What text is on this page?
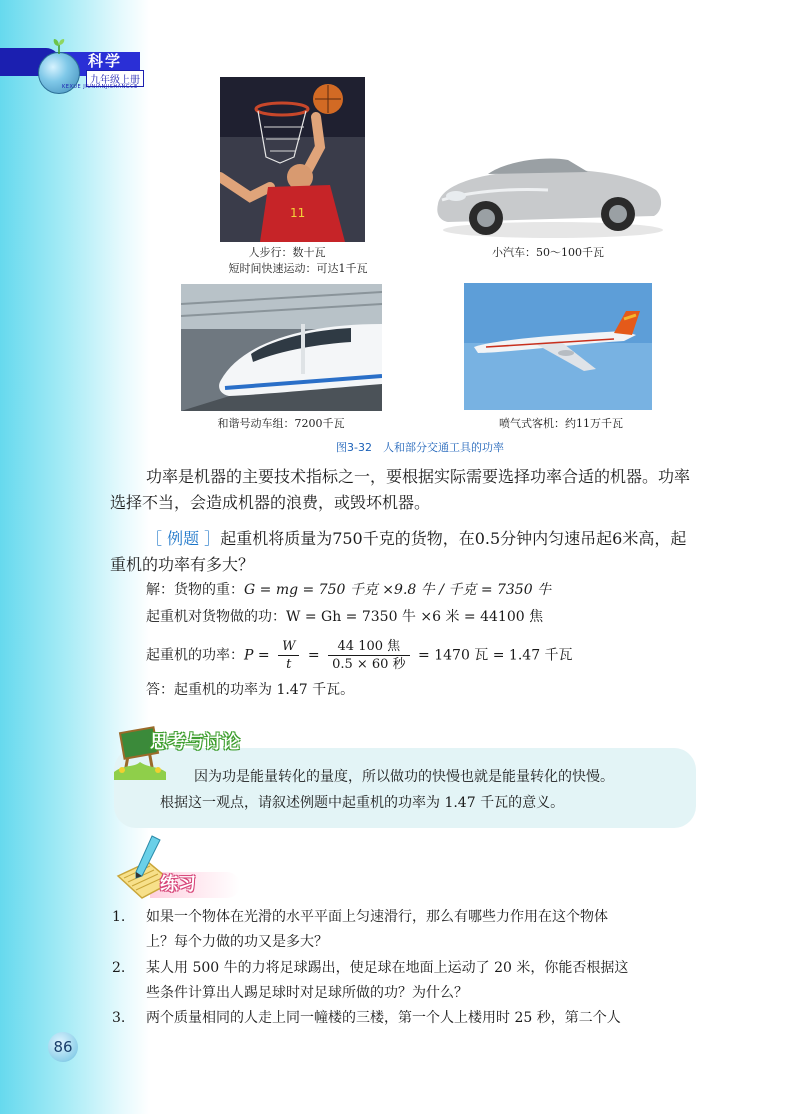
科学
九年级上册
KEXUE JIUNIANJISHANGCE
11
人步行：数十瓦
短时间快速运动：可达1千瓦
小汽车：50～100千瓦
和谐号动车组：7200千瓦	喷气式客机：约11万千瓦
图3-32　人和部分交通工具的功率
功率是机器的主要技术指标之一，要根据实际需要选择功率合适的机器。功率选择不当，会造成机器的浪费，或毁坏机器。
［ 例题 ］起重机将质量为750千克的货物，在0.5分钟内匀速吊起6米高，起重机的功率有多大？
解：货物的重：G = mg = 750 千克 ×9.8 牛 / 千克 = 7350 牛
起重机对货物做的功：W = Gh = 7350 牛 ×6 米 = 44100 焦
起重机的功率：$P = \frac{W}{t} = \frac{\text{44 100 焦}}{\text{0.5 × 60 秒}} = 1470$ 瓦 = 1.47 千瓦
答：起重机的功率为 1.47 千瓦。
思考与讨论
因为功是能量转化的量度，所以做功的快慢也就是能量转化的快慢。
根据这一观点，请叙述例题中起重机的功率为 1.47 千瓦的意义。
练习
1. 如果一个物体在光滑的水平平面上匀速滑行，那么有哪些力作用在这个物体
上？每个力做的功又是多大？
2. 某人用 500 牛的力将足球踢出，使足球在地面上运动了 20 米，你能否根据这
些条件计算出人踢足球时对足球所做的功？为什么？
3. 两个质量相同的人走上同一幢楼的三楼，第一个人上楼用时 25 秒，第二个人
86
